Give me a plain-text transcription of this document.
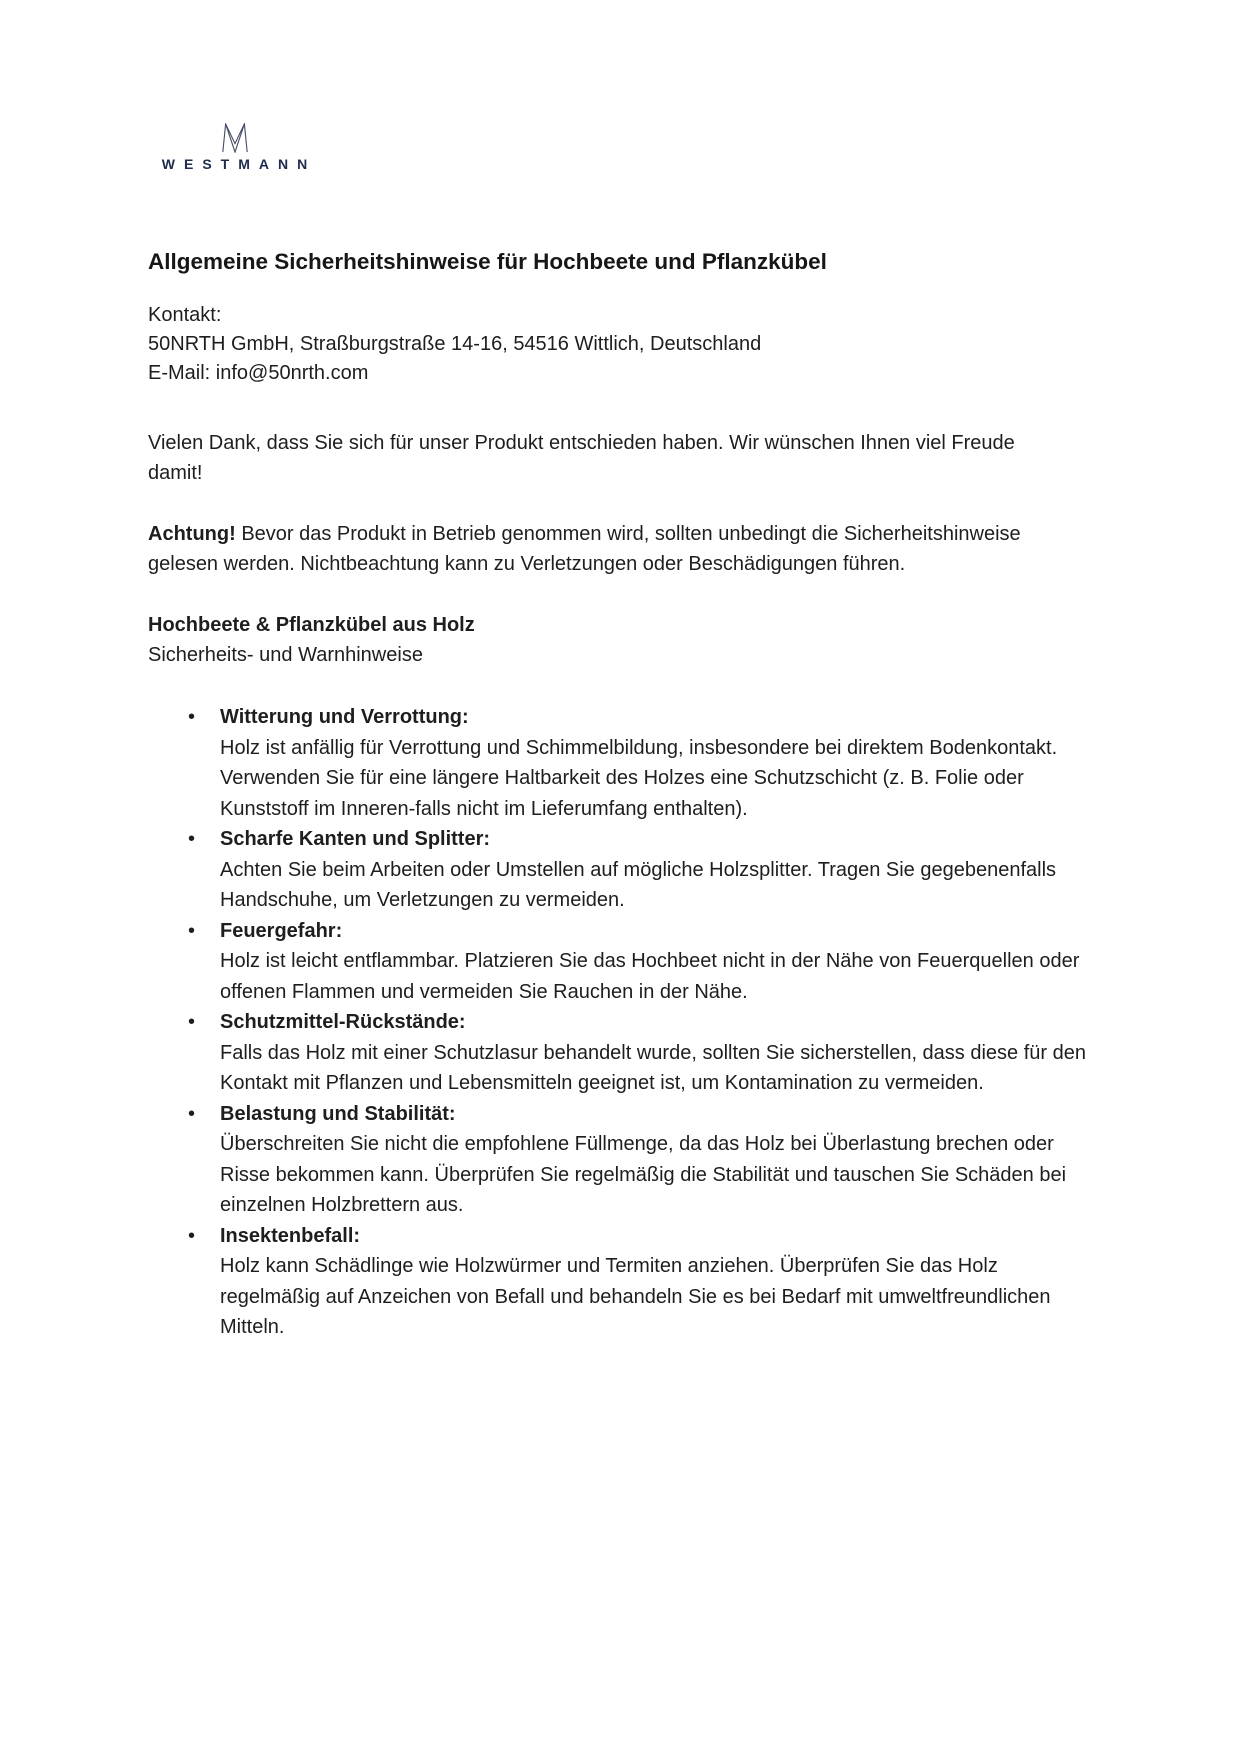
WESTMANN
Allgemeine Sicherheitshinweise für Hochbeete und Pflanzkübel
Kontakt:
50NRTH GmbH, Straßburgstraße 14-16, 54516 Wittlich, Deutschland
E-Mail: info@50nrth.com

Vielen Dank, dass Sie sich für unser Produkt entschieden haben. Wir wünschen Ihnen viel Freude damit!

Achtung! Bevor das Produkt in Betrieb genommen wird, sollten unbedingt die Sicherheitshinweise gelesen werden. Nichtbeachtung kann zu Verletzungen oder Beschädigungen führen.

Hochbeete & Pflanzkübel aus Holz
Sicherheits- und Warnhinweise
• Witterung und Verrottung:
Holz ist anfällig für Verrottung und Schimmelbildung, insbesondere bei direktem Bodenkontakt. Verwenden Sie für eine längere Haltbarkeit des Holzes eine Schutzschicht (z. B. Folie oder Kunststoff im Inneren-falls nicht im Lieferumfang enthalten).
• Scharfe Kanten und Splitter:
Achten Sie beim Arbeiten oder Umstellen auf mögliche Holzsplitter. Tragen Sie gegebenenfalls Handschuhe, um Verletzungen zu vermeiden.
• Feuergefahr:
Holz ist leicht entflammbar. Platzieren Sie das Hochbeet nicht in der Nähe von Feuerquellen oder offenen Flammen und vermeiden Sie Rauchen in der Nähe.
• Schutzmittel-Rückstände:
Falls das Holz mit einer Schutzlasur behandelt wurde, sollten Sie sicherstellen, dass diese für den Kontakt mit Pflanzen und Lebensmitteln geeignet ist, um Kontamination zu vermeiden.
• Belastung und Stabilität:
Überschreiten Sie nicht die empfohlene Füllmenge, da das Holz bei Überlastung brechen oder Risse bekommen kann. Überprüfen Sie regelmäßig die Stabilität und tauschen Sie Schäden bei einzelnen Holzbrettern aus.
• Insektenbefall:
Holz kann Schädlinge wie Holzwürmer und Termiten anziehen. Überprüfen Sie das Holz regelmäßig auf Anzeichen von Befall und behandeln Sie es bei Bedarf mit umweltfreundlichen Mitteln.
